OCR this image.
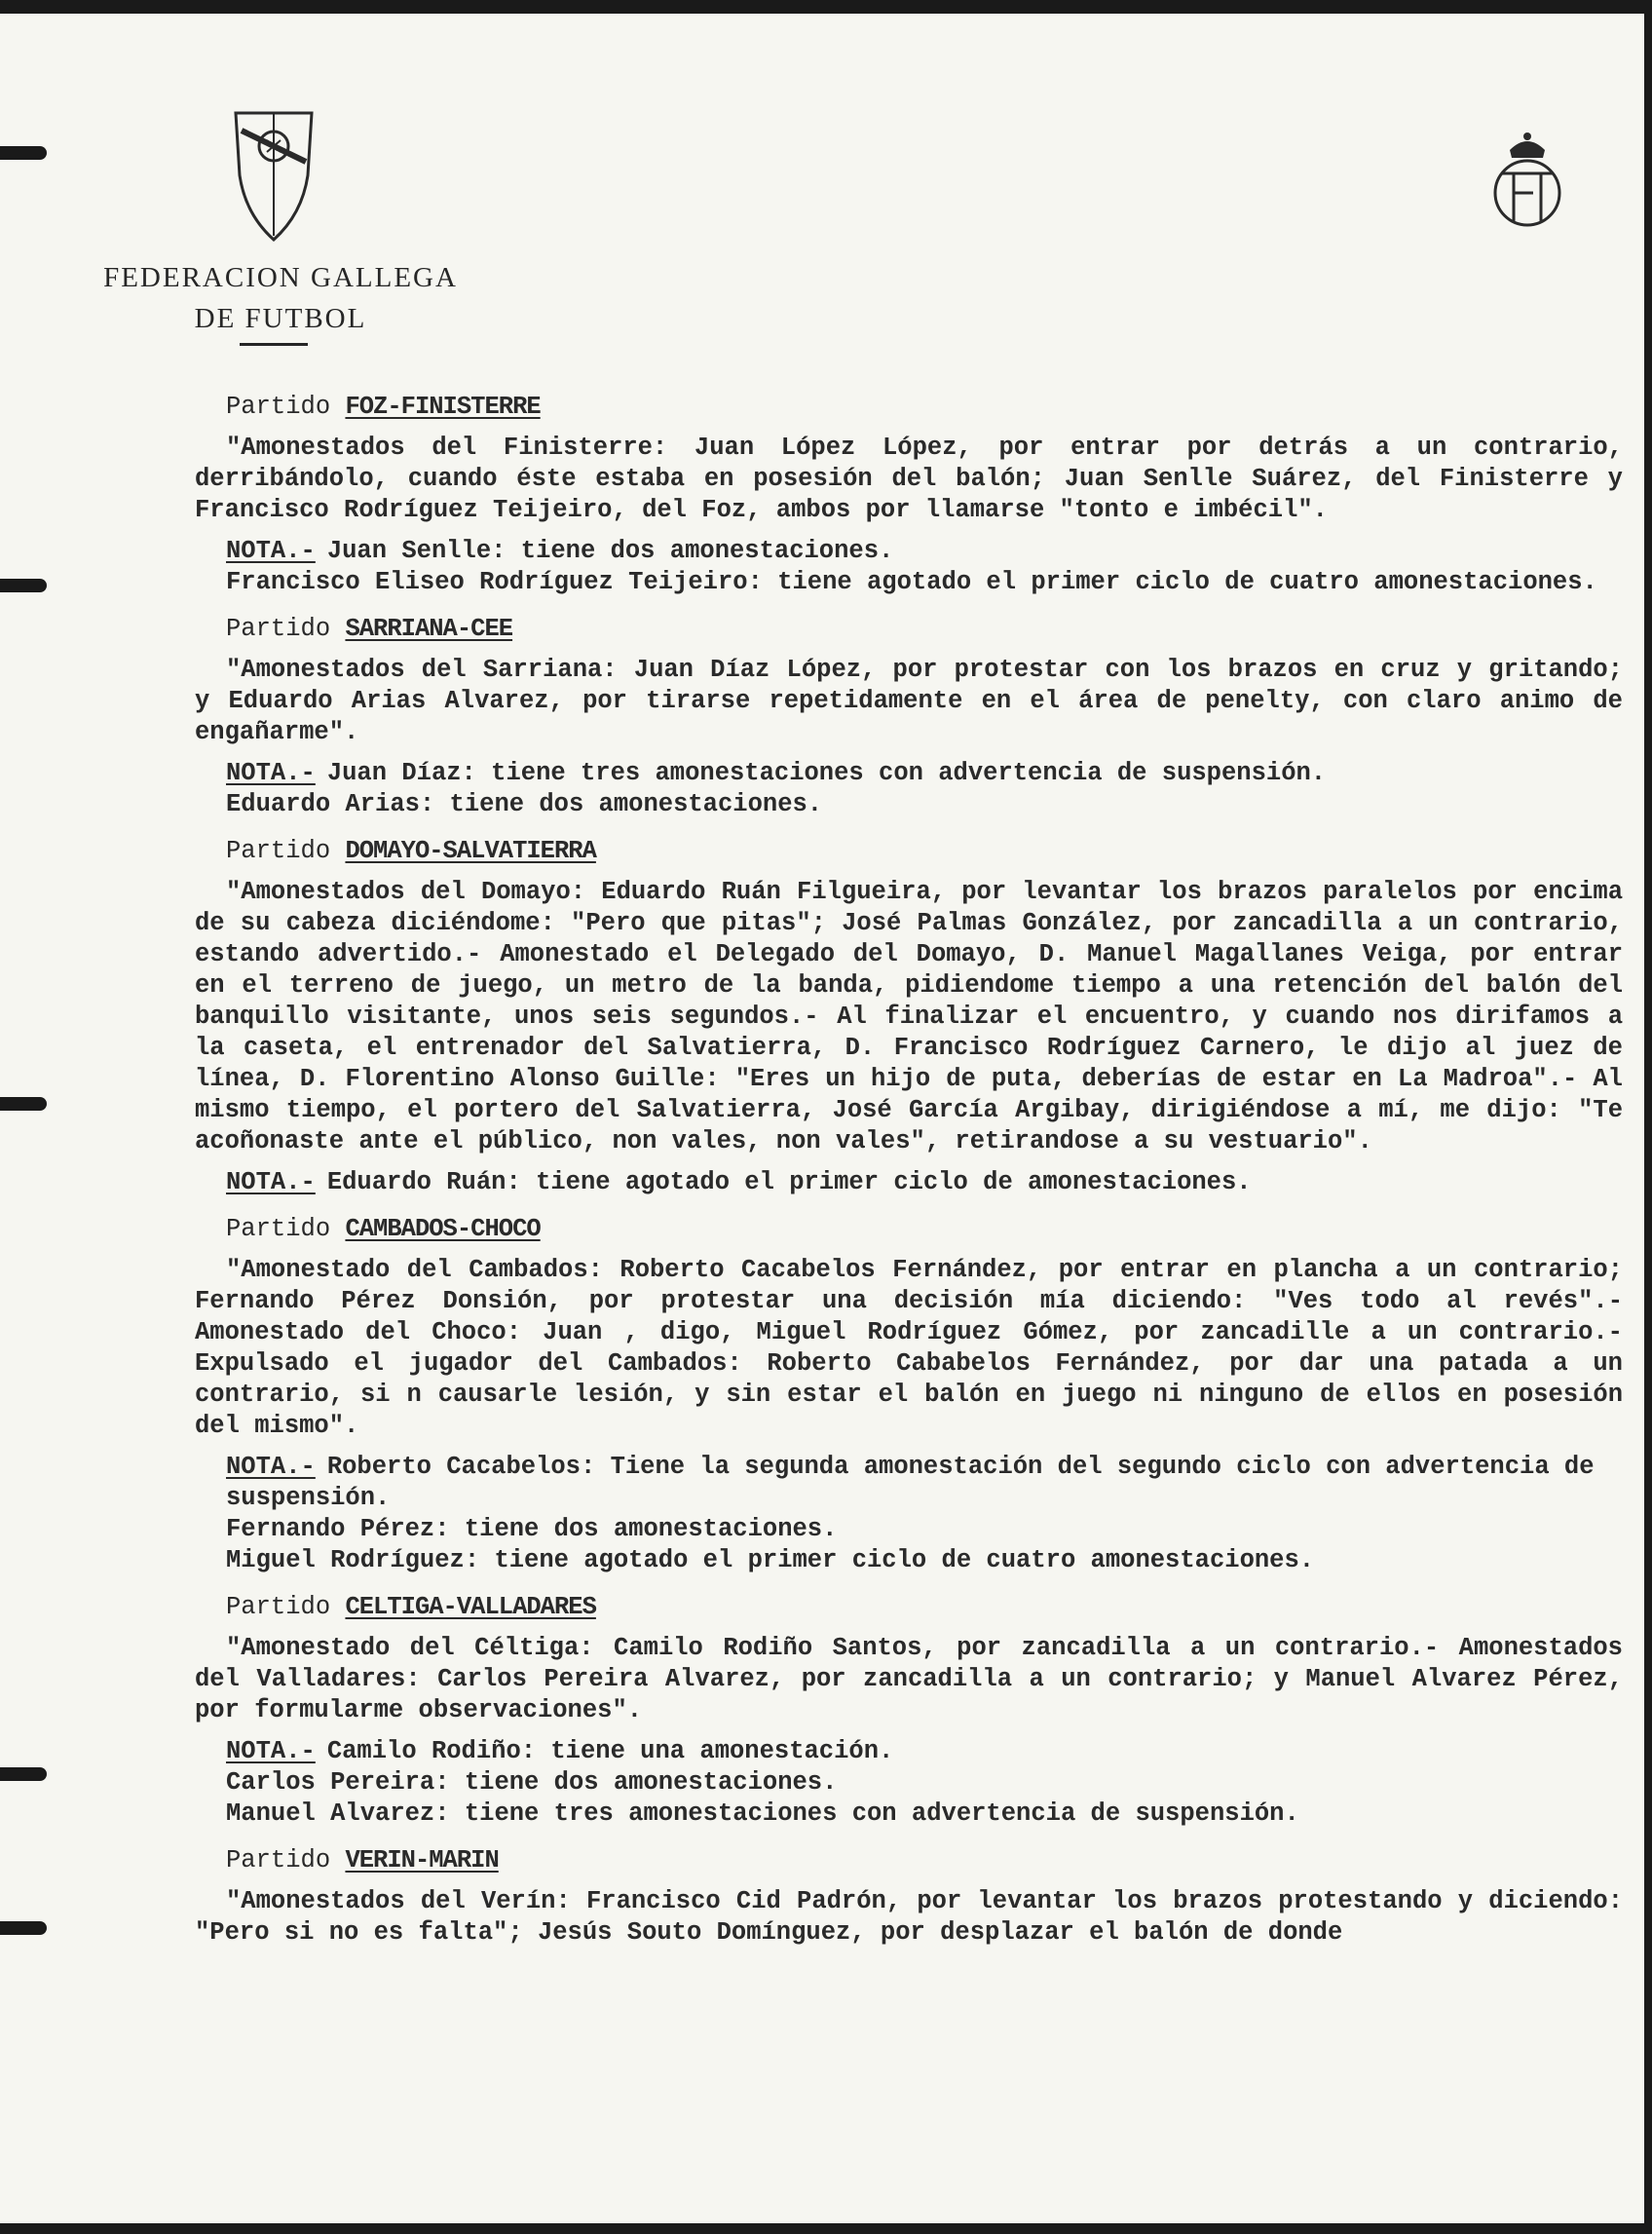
FEDERACION GALLEGA
DE FUTBOL

Partido FOZ-FINISTERRE

"Amonestados del Finisterre: Juan López López, por entrar por detrás a un contrario, derribándolo, cuando éste estaba en posesión del balón; Juan Senlle Suárez, del Finisterre y Francisco Rodríguez Teijeiro, del Foz, ambos por llamarse "tonto e imbécil".

NOTA.- Juan Senlle: tiene dos amonestaciones.

Francisco Eliseo Rodríguez Teijeiro: tiene agotado el primer ciclo de cuatro amonestaciones.

Partido SARRIANA-CEE

"Amonestados del Sarriana: Juan Díaz López, por protestar con los brazos en cruz y gritando; y Eduardo Arias Alvarez, por tirarse repetidamente en el área de penelty, con claro animo de engañarme".

NOTA.- Juan Díaz: tiene tres amonestaciones con advertencia de suspensión.

Eduardo Arias: tiene dos amonestaciones.

Partido DOMAYO-SALVATIERRA

"Amonestados del Domayo: Eduardo Ruán Filgueira, por levantar los brazos paralelos por encima de su cabeza diciéndome: "Pero que pitas"; José Palmas González, por zancadilla a un contrario, estando advertido.- Amonestado el Delegado del Domayo, D. Manuel Magallanes Veiga, por entrar en el terreno de juego, un metro de la banda, pidiendome tiempo a una retención del balón del banquillo visitante, unos seis segundos.- Al finalizar el encuentro, y cuando nos dirifamos a la caseta, el entrenador del Salvatierra, D. Francisco Rodríguez Carnero, le dijo al juez de línea, D. Florentino Alonso Guille: "Eres un hijo de puta, deberías de estar en La Madroa".- Al mismo tiempo, el portero del Salvatierra, José García Argibay, dirigiéndose a mí, me dijo: "Te acoñonaste ante el público, non vales, non vales", retirandose a su vestuario".

NOTA.- Eduardo Ruán: tiene agotado el primer ciclo de amonestaciones.

Partido CAMBADOS-CHOCO

"Amonestado del Cambados: Roberto Cacabelos Fernández, por entrar en plancha a un contrario; Fernando Pérez Donsión, por protestar una decisión mía diciendo: "Ves todo al revés".- Amonestado del Choco: Juan , digo, Miguel Rodríguez Gómez, por zancadille a un contrario.- Expulsado el jugador del Cambados: Roberto Cababelos Fernández, por dar una patada a un contrario, si n causarle lesión, y sin estar el balón en juego ni ninguno de ellos en posesión del mismo".

NOTA.- Roberto Cacabelos: Tiene la segunda amonestación del segundo ciclo con advertencia de suspensión.

Fernando Pérez: tiene dos amonestaciones.

Miguel Rodríguez: tiene agotado el primer ciclo de cuatro amonestaciones.

Partido CELTIGA-VALLADARES

"Amonestado del Céltiga: Camilo Rodiño Santos, por zancadilla a un contrario.- Amonestados del Valladares: Carlos Pereira Alvarez, por zancadilla a un contrario; y Manuel Alvarez Pérez, por formularme observaciones".

NOTA.- Camilo Rodiño: tiene una amonestación.

Carlos Pereira: tiene dos amonestaciones.

Manuel Alvarez: tiene tres amonestaciones con advertencia de suspensión.

Partido VERIN-MARIN

"Amonestados del Verín: Francisco Cid Padrón, por levantar los brazos protestando y diciendo: "Pero si no es falta"; Jesús Souto Domínguez, por desplazar el balón de donde
